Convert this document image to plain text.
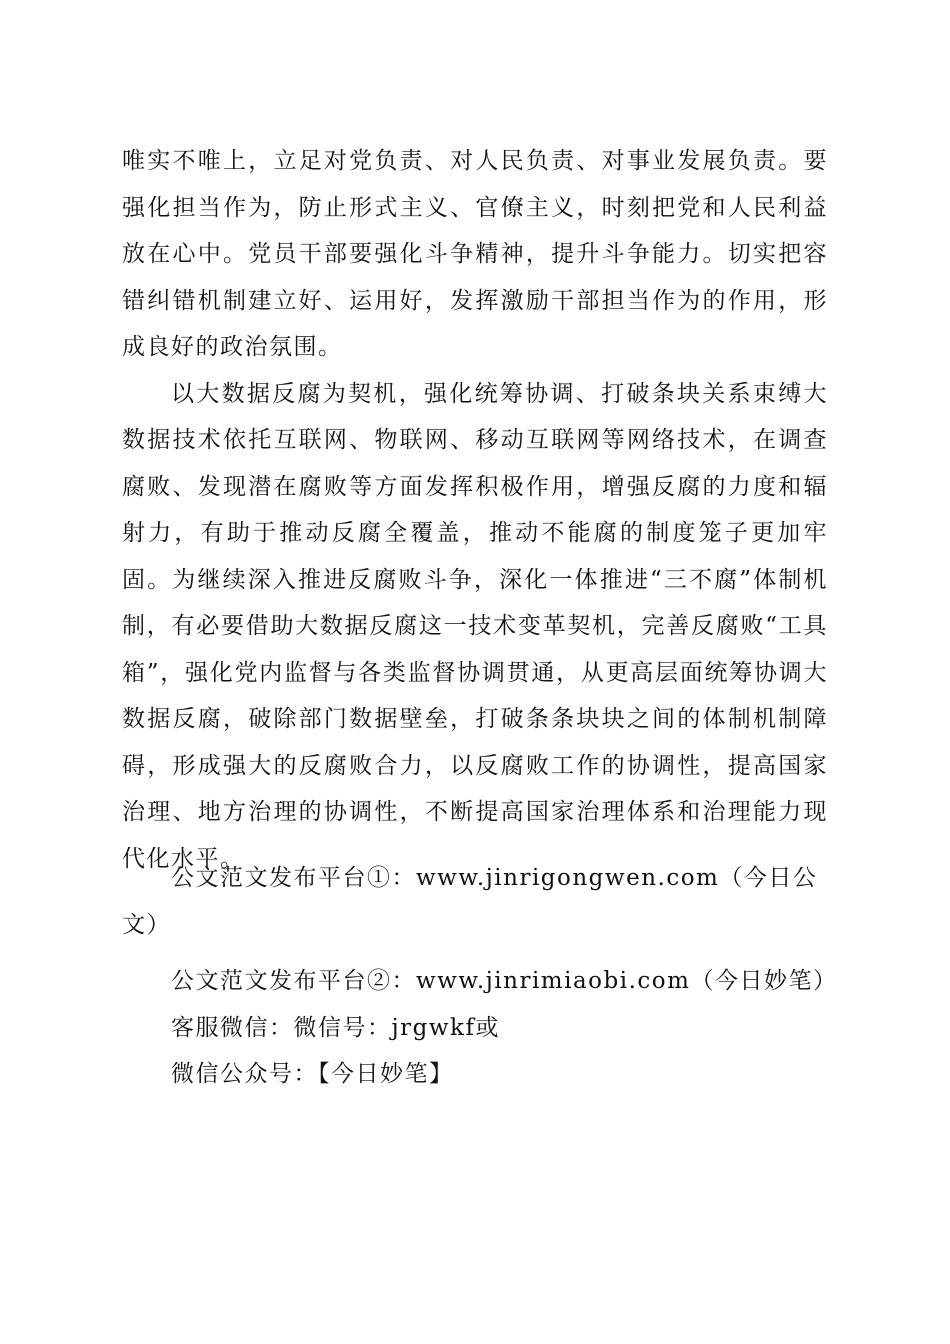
唯实不唯上，立足对党负责、对人民负责、对事业发展负责。要强化担当作为，防止形式主义、官僚主义，时刻把党和人民利益放在心中。党员干部要强化斗争精神，提升斗争能力。切实把容错纠错机制建立好、运用好，发挥激励干部担当作为的作用，形成良好的政治氛围。

以大数据反腐为契机，强化统筹协调、打破条块关系束缚大数据技术依托互联网、物联网、移动互联网等网络技术，在调查腐败、发现潜在腐败等方面发挥积极作用，增强反腐的力度和辐射力，有助于推动反腐全覆盖，推动不能腐的制度笼子更加牢固。为继续深入推进反腐败斗争，深化一体推进“三不腐”体制机制，有必要借助大数据反腐这一技术变革契机，完善反腐败“工具箱”，强化党内监督与各类监督协调贯通，从更高层面统筹协调大数据反腐，破除部门数据壁垒，打破条条块块之间的体制机制障碍，形成强大的反腐败合力，以反腐败工作的协调性，提高国家治理、地方治理的协调性，不断提高国家治理体系和治理能力现代化水平。

公文范文发布平台①：www.jinrigongwen.com（今日公文）

公文范文发布平台②：www.jinrimiaobi.com（今日妙笔）

客服微信：微信号：jrgwkf或

微信公众号：【今日妙笔】
